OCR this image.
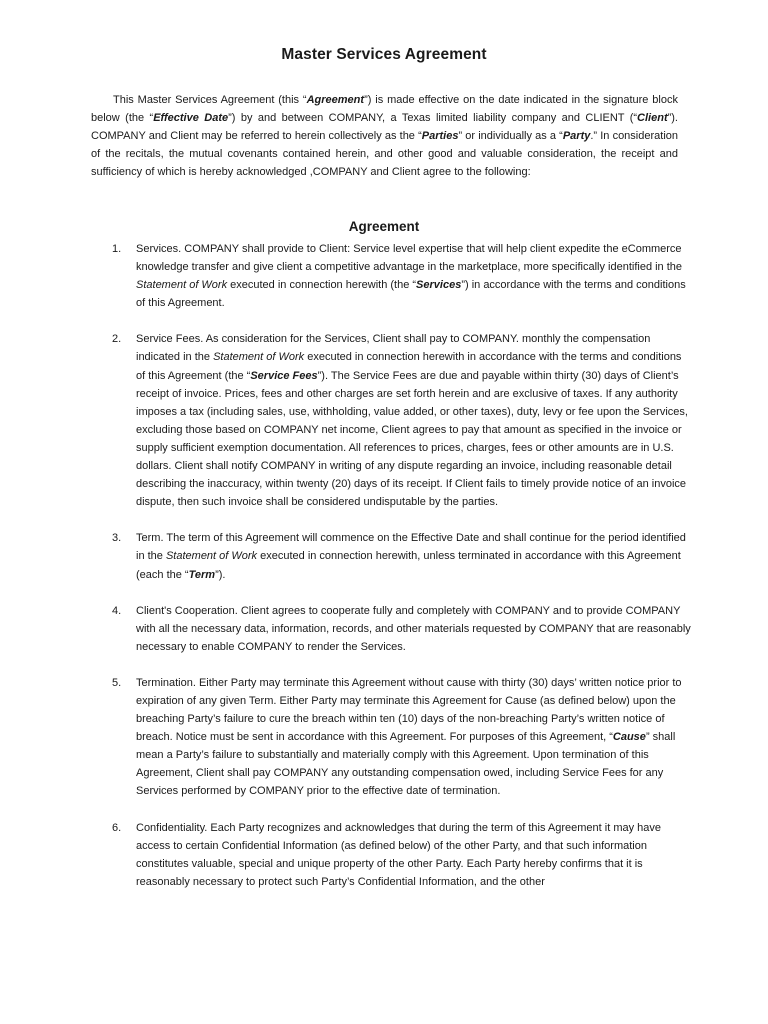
Master Services Agreement

This Master Services Agreement (this “Agreement”) is made effective on the date indicated in the signature block below (the “Effective Date”) by and between COMPANY, a Texas limited liability company and CLIENT (“Client”). COMPANY and Client may be referred to herein collectively as the “Parties” or individually as a “Party.” In consideration of the recitals, the mutual covenants contained herein, and other good and valuable consideration, the receipt and sufficiency of which is hereby acknowledged ,COMPANY and Client agree to the following:

Agreement
1. Services. COMPANY shall provide to Client: Service level expertise that will help client expedite the eCommerce knowledge transfer and give client a competitive advantage in the marketplace, more specifically identified in the Statement of Work executed in connection herewith (the “Services”) in accordance with the terms and conditions of this Agreement.
2. Service Fees. As consideration for the Services, Client shall pay to COMPANY. monthly the compensation indicated in the Statement of Work executed in connection herewith in accordance with the terms and conditions of this Agreement (the “Service Fees”). The Service Fees are due and payable within thirty (30) days of Client’s receipt of invoice. Prices, fees and other charges are set forth herein and are exclusive of taxes. If any authority imposes a tax (including sales, use, withholding, value added, or other taxes), duty, levy or fee upon the Services, excluding those based on COMPANY net income, Client agrees to pay that amount as specified in the invoice or supply sufficient exemption documentation. All references to prices, charges, fees or other amounts are in U.S. dollars. Client shall notify COMPANY in writing of any dispute regarding an invoice, including reasonable detail describing the inaccuracy, within twenty (20) days of its receipt. If Client fails to timely provide notice of an invoice dispute, then such invoice shall be considered undisputable by the parties.
3. Term. The term of this Agreement will commence on the Effective Date and shall continue for the period identified in the Statement of Work executed in connection herewith, unless terminated in accordance with this Agreement (each the “Term”).
4. Client's Cooperation. Client agrees to cooperate fully and completely with COMPANY and to provide COMPANY with all the necessary data, information, records, and other materials requested by COMPANY that are reasonably necessary to enable COMPANY to render the Services.
5. Termination. Either Party may terminate this Agreement without cause with thirty (30) days’ written notice prior to expiration of any given Term. Either Party may terminate this Agreement for Cause (as defined below) upon the breaching Party’s failure to cure the breach within ten (10) days of the non-breaching Party’s written notice of breach. Notice must be sent in accordance with this Agreement. For purposes of this Agreement, “Cause” shall mean a Party’s failure to substantially and materially comply with this Agreement. Upon termination of this Agreement, Client shall pay COMPANY any outstanding compensation owed, including Service Fees for any Services performed by COMPANY prior to the effective date of termination.
6. Confidentiality. Each Party recognizes and acknowledges that during the term of this Agreement it may have access to certain Confidential Information (as defined below) of the other Party, and that such information constitutes valuable, special and unique property of the other Party. Each Party hereby confirms that it is reasonably necessary to protect such Party’s Confidential Information, and the other
